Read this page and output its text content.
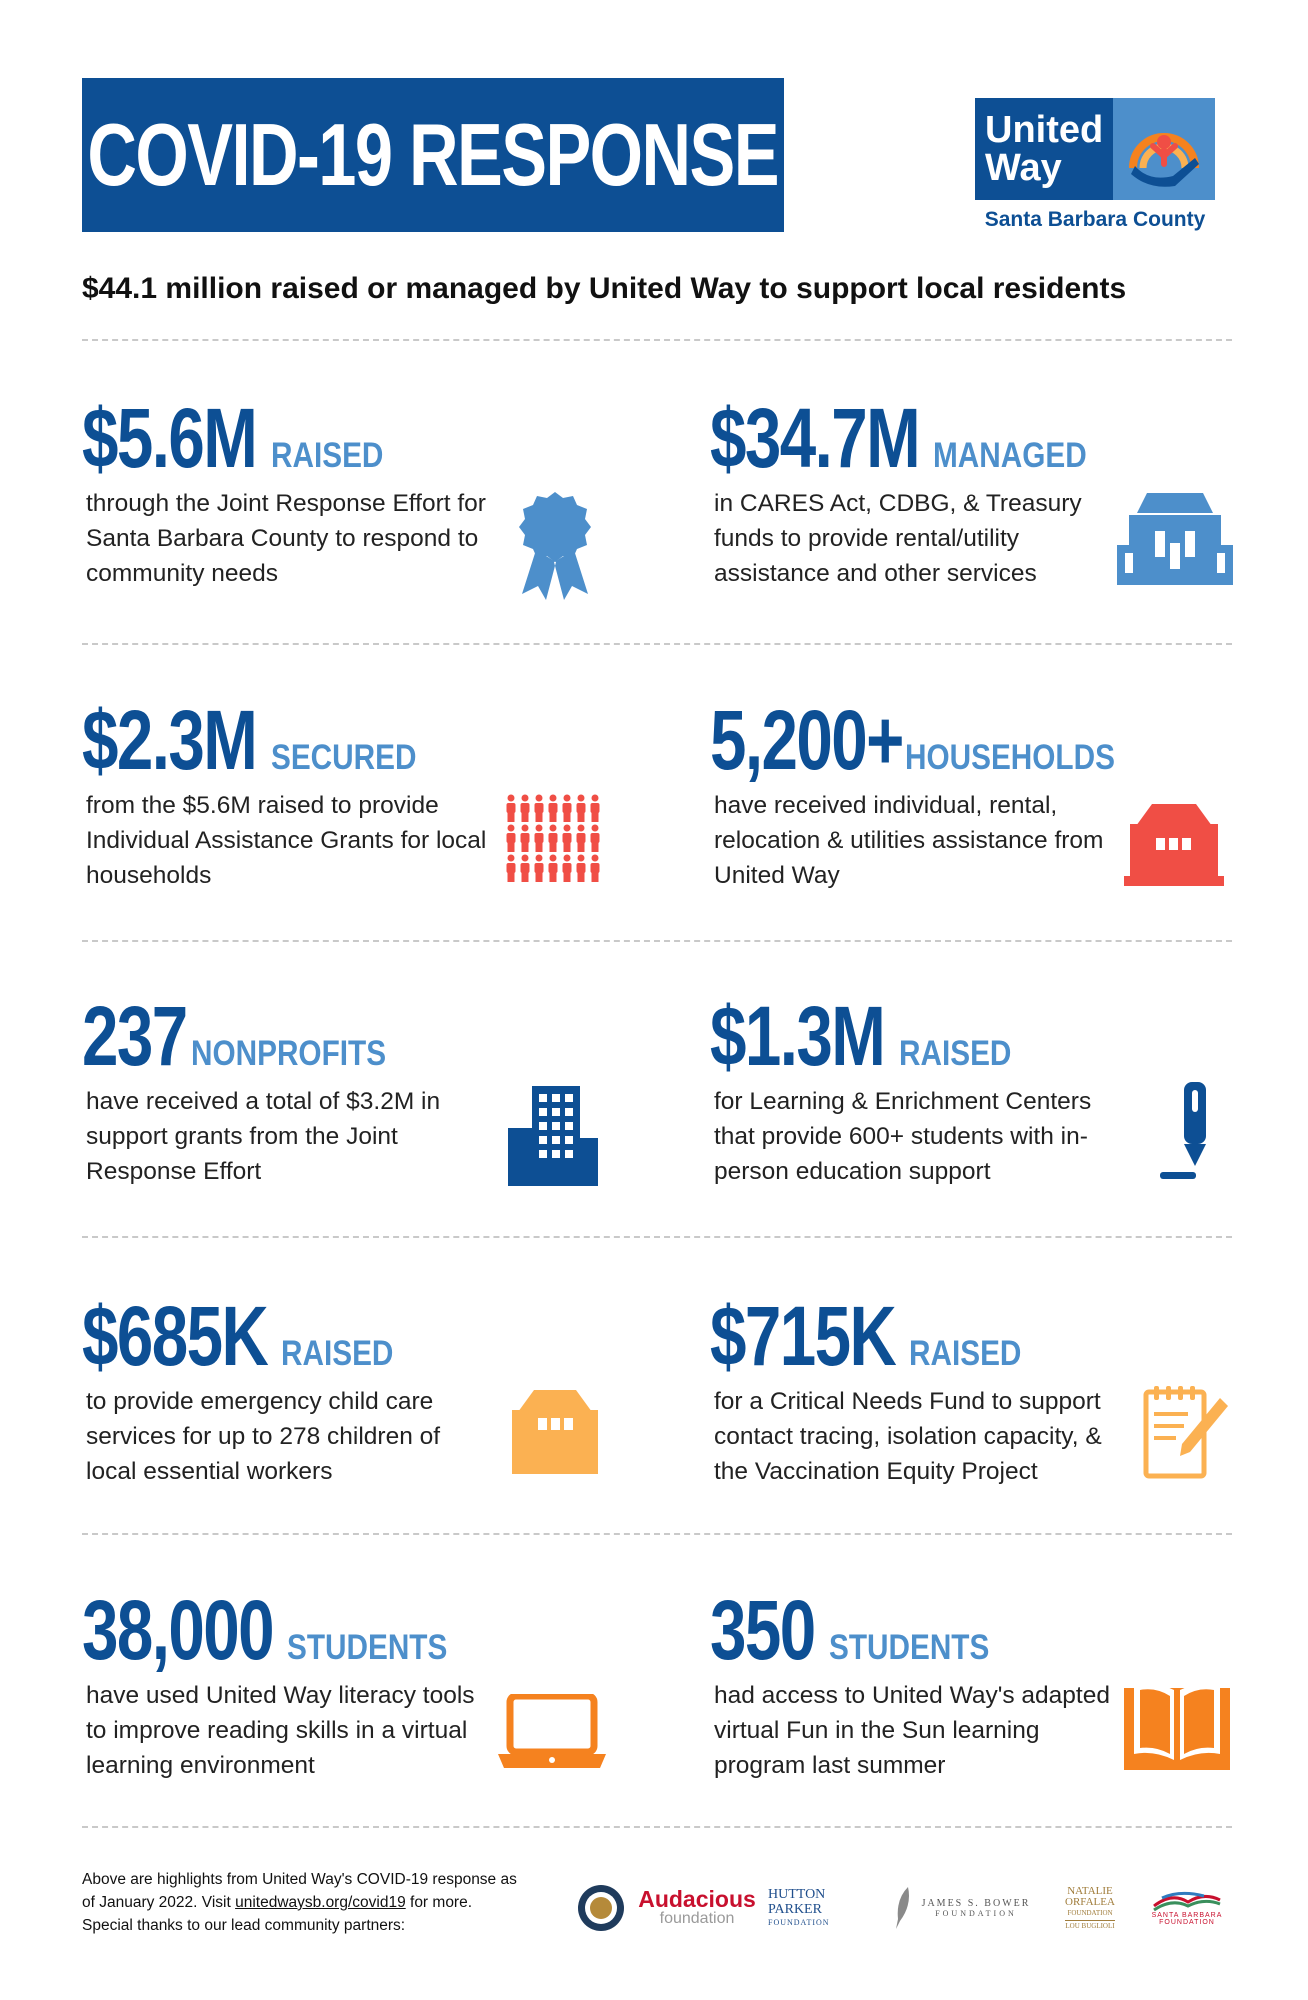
COVID-19 RESPONSE	United
Way
Santa Barbara County
$44.1 million raised or managed by United Way to support local residents
$5.6M RAISED
through the Joint Response Effort for Santa Barbara County to respond to community needs
$34.7M MANAGED
in CARES Act, CDBG, & Treasury funds to provide rental/utility assistance and other services
$2.3M SECURED
from the $5.6M raised to provide Individual Assistance Grants for local households
5,200+ HOUSEHOLDS
have received individual, rental, relocation & utilities assistance from United Way
237 NONPROFITS
have received a total of $3.2M in support grants from the Joint Response Effort
$1.3M RAISED
for Learning & Enrichment Centers that provide 600+ students with in-person education support
$685K RAISED
to provide emergency child care services for up to 278 children of local essential workers
$715K RAISED
for a Critical Needs Fund to support contact tracing, isolation capacity, & the Vaccination Equity Project
38,000 STUDENTS
have used United Way literacy tools to improve reading skills in a virtual learning environment
350 STUDENTS
had access to United Way's adapted virtual Fun in the Sun learning program last summer
Above are highlights from United Way's COVID-19 response as
of January 2022. Visit unitedwaysb.org/covid19 for more.
Special thanks to our lead community partners:
Audacious
foundation
HUTTON
PARKER
FOUNDATION
JAMES S. BOWER
FOUNDATION
NATALIE
ORFALEA
FOUNDATION
LOU BUGLIOLI
SANTA BARBARA
FOUNDATION
